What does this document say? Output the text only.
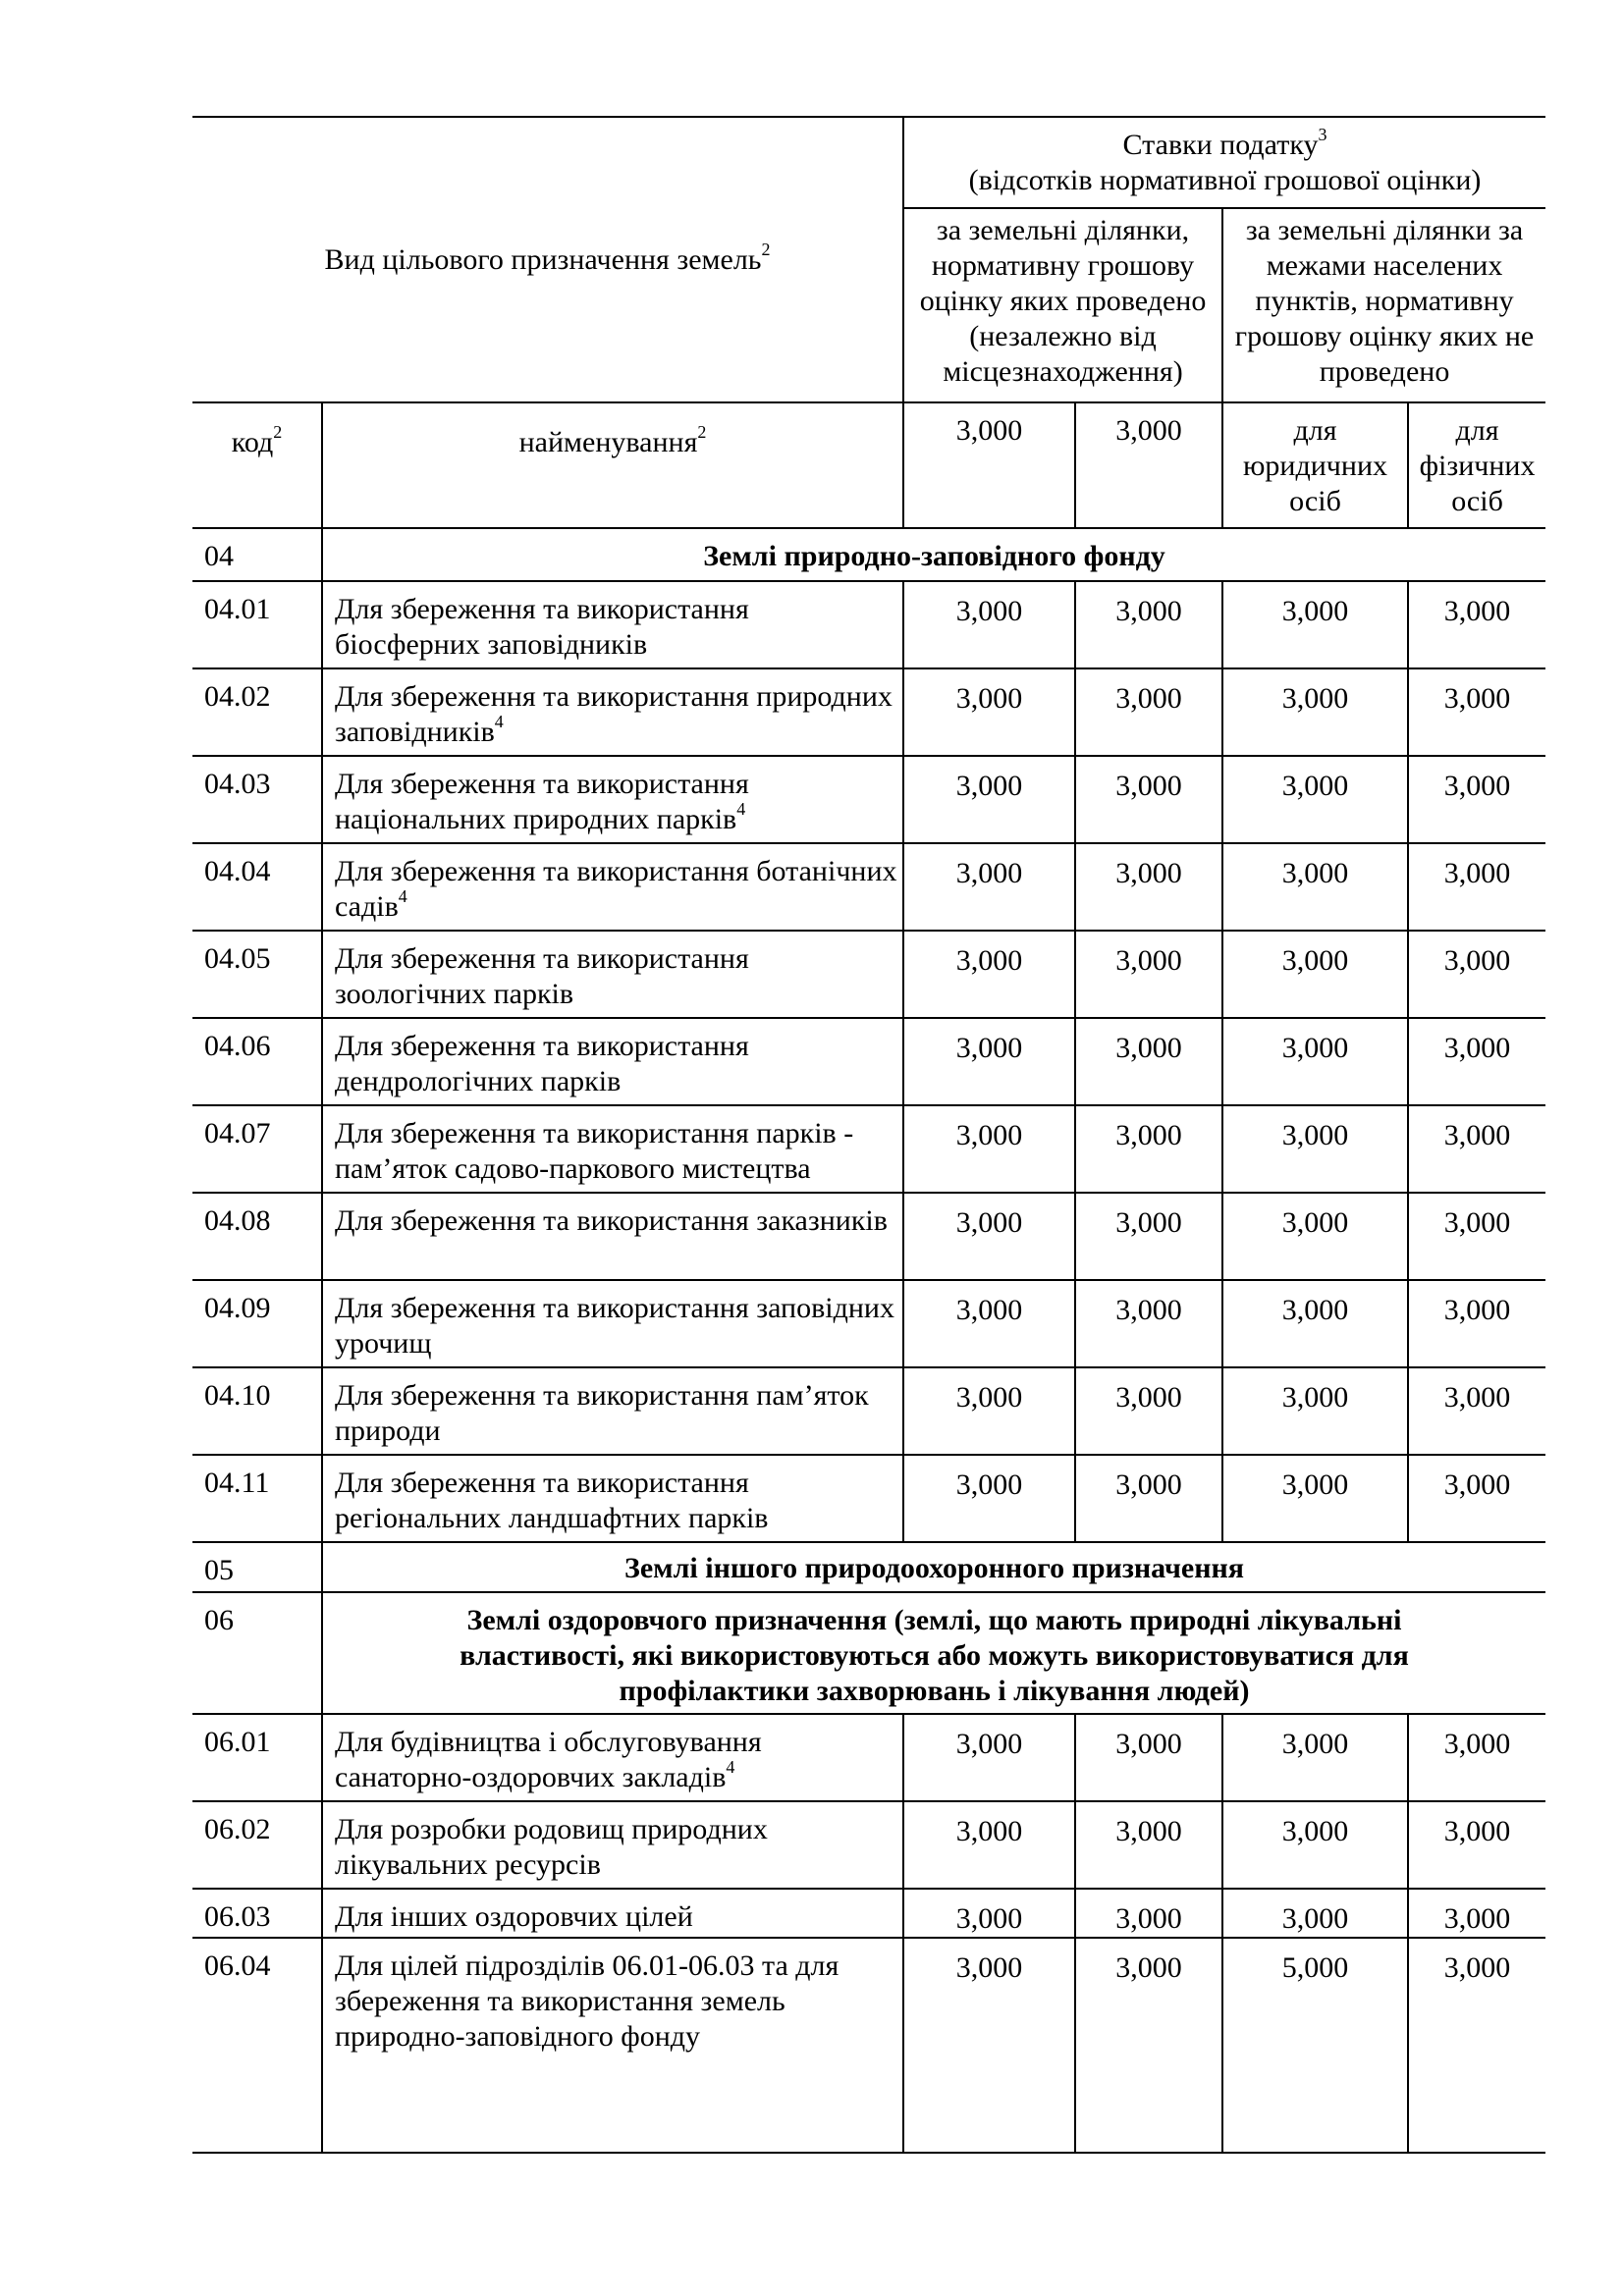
Вид цільового призначення земель$^2$		Ставки податку$^3$
(відсотків нормативної грошової оцінки)			
		за земельні ділянки, нормативну грошову оцінку яких проведено (незалежно від місцезнаходження)		за земельні ділянки за межами населених пунктів, нормативну грошову оцінку яких не проведено	
код$^2$	найменування$^2$	3,000	3,000	для юридичних осіб	для фізичних осіб
04	Землі природно-заповідного фонду				
04.01	Для збереження та використання біосферних заповідників	3,000	3,000	3,000	3,000
04.02	Для збереження та використання природних заповідників$^4$	3,000	3,000	3,000	3,000
04.03	Для збереження та використання національних природних парків$^4$	3,000	3,000	3,000	3,000
04.04	Для збереження та використання ботанічних садів$^4$	3,000	3,000	3,000	3,000
04.05	Для збереження та використання зоологічних парків	3,000	3,000	3,000	3,000
04.06	Для збереження та використання дендрологічних парків	3,000	3,000	3,000	3,000
04.07	Для збереження та використання парків - пам’яток садово-паркового мистецтва	3,000	3,000	3,000	3,000
04.08	Для збереження та використання заказників	3,000	3,000	3,000	3,000
04.09	Для збереження та використання заповідних урочищ	3,000	3,000	3,000	3,000
04.10	Для збереження та використання пам’яток природи	3,000	3,000	3,000	3,000
04.11	Для збереження та використання регіональних ландшафтних парків	3,000	3,000	3,000	3,000
05	Землі іншого природоохоронного призначення				
06	Землі оздоровчого призначення (землі, що мають природні лікувальні властивості, які використовуються або можуть використовуватися для профілактики захворювань і лікування людей)				
06.01	Для будівництва і обслуговування санаторно-оздоровчих закладів$^4$	3,000	3,000	3,000	3,000
06.02	Для розробки родовищ природних лікувальних ресурсів	3,000	3,000	3,000	3,000
06.03	Для інших оздоровчих цілей	3,000	3,000	3,000	3,000
06.04	Для цілей підрозділів 06.01-06.03 та для збереження та використання земель природно-заповідного фонду	3,000	3,000	5,000	3,000
